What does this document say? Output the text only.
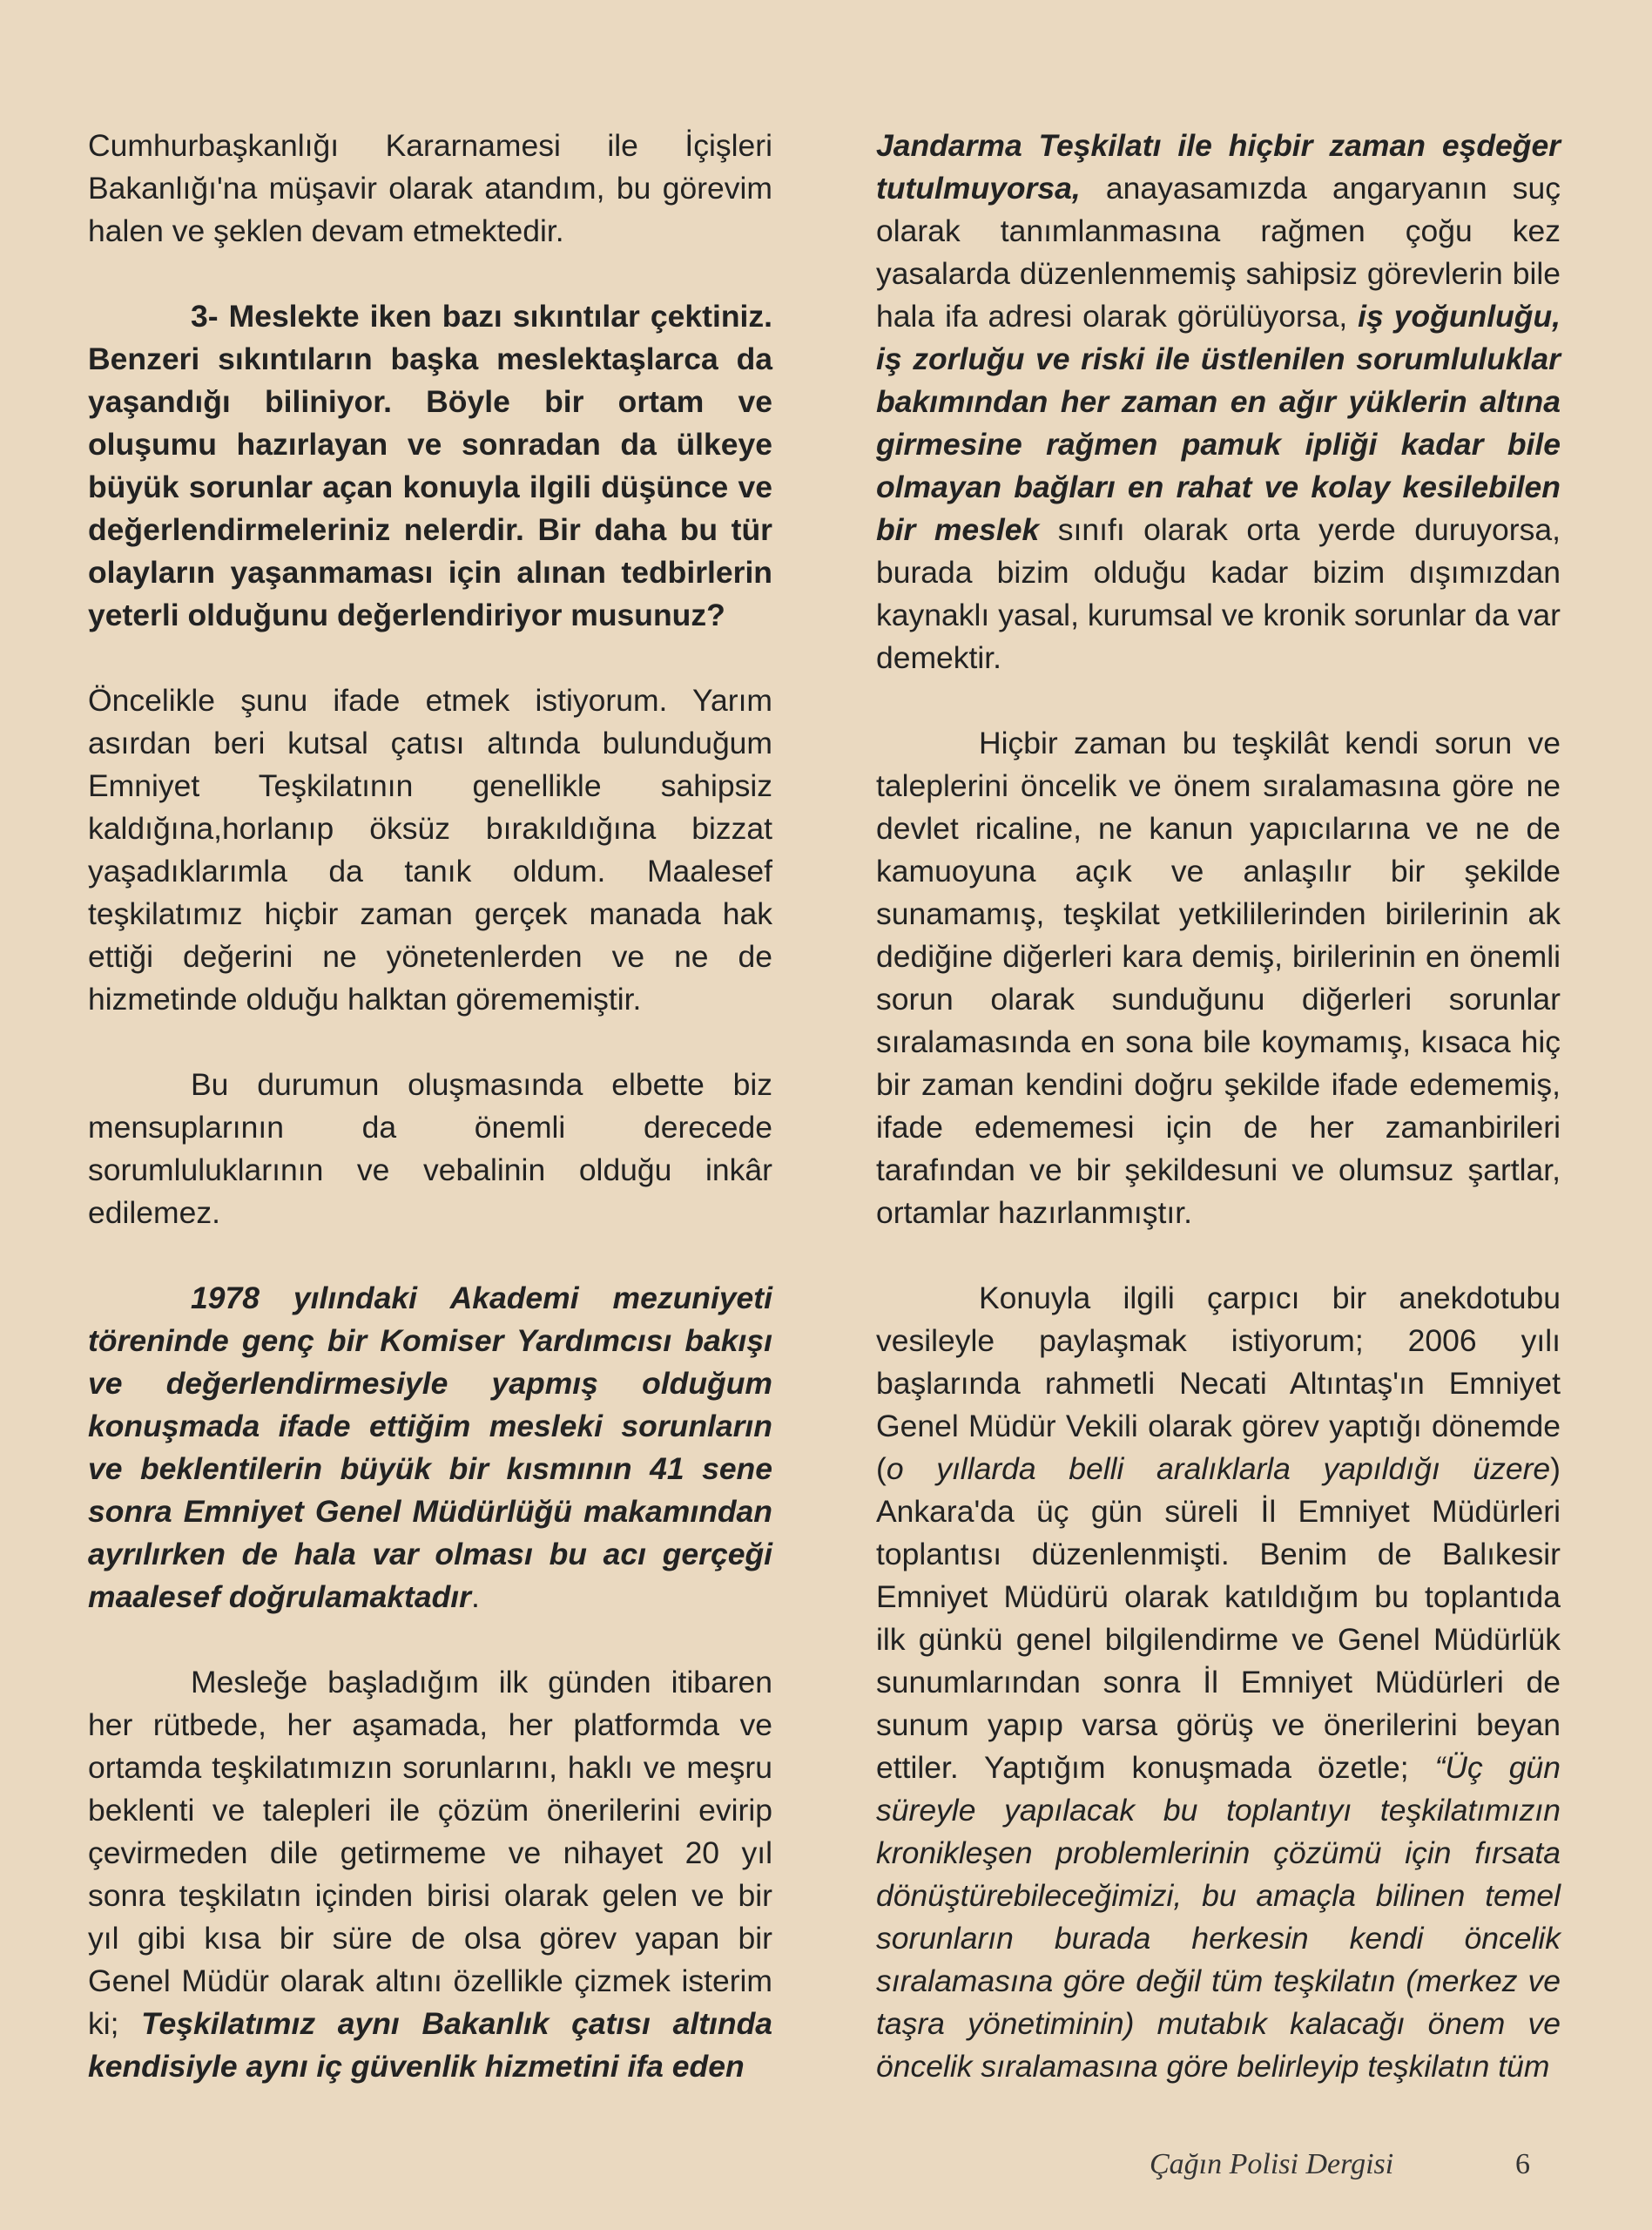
Cumhurbaşkanlığı Kararnamesi ile İçişleri Bakanlığı'na müşavir olarak atandım, bu görevim halen ve şeklen devam etmektedir.

3- Meslekte iken bazı sıkıntılar çektiniz. Benzeri sıkıntıların başka meslektaşlarca da yaşandığı biliniyor. Böyle bir ortam ve oluşumu hazırlayan ve sonradan da ülkeye büyük sorunlar açan konuyla ilgili düşünce ve değerlendirmeleriniz nelerdir. Bir daha bu tür olayların yaşanmaması için alınan tedbirlerin yeterli olduğunu değerlendiriyor musunuz?

Öncelikle şunu ifade etmek istiyorum. Yarım asırdan beri kutsal çatısı altında bulunduğum Emniyet Teşkilatının genellikle sahipsiz kaldığına,horlanıp öksüz bırakıldığına bizzat yaşadıklarımla da tanık oldum. Maalesef teşkilatımız hiçbir zaman gerçek manada hak ettiği değerini ne yönetenlerden ve ne de hizmetinde olduğu halktan görememiştir.

Bu durumun oluşmasında elbette biz mensuplarının da önemli derecede sorumluluklarının ve vebalinin olduğu inkâr edilemez.

1978 yılındaki Akademi mezuniyeti töreninde genç bir Komiser Yardımcısı bakışı ve değerlendirmesiyle yapmış olduğum konuşmada ifade ettiğim mesleki sorunların ve beklentilerin büyük bir kısmının 41 sene sonra Emniyet Genel Müdürlüğü makamından ayrılırken de hala var olması bu acı gerçeği maalesef doğrulamaktadır.

Mesleğe başladığım ilk günden itibaren her rütbede, her aşamada, her platformda ve ortamda teşkilatımızın sorunlarını, haklı ve meşru beklenti ve talepleri ile çözüm önerilerini evirip çevirmeden dile getirmeme ve nihayet 20 yıl sonra teşkilatın içinden birisi olarak gelen ve bir yıl gibi kısa bir süre de olsa görev yapan bir Genel Müdür olarak altını özellikle çizmek isterim ki; Teşkilatımız aynı Bakanlık çatısı altında kendisiyle aynı iç güvenlik hizmetini ifa eden

Jandarma Teşkilatı ile hiçbir zaman eşdeğer tutulmuyorsa, anayasamızda angaryanın suç olarak tanımlanmasına rağmen çoğu kez yasalarda düzenlenmemiş sahipsiz görevlerin bile hala ifa adresi olarak görülüyorsa, iş yoğunluğu, iş zorluğu ve riski ile üstlenilen sorumluluklar bakımından her zaman en ağır yüklerin altına girmesine rağmen pamuk ipliği kadar bile olmayan bağları en rahat ve kolay kesilebilen bir meslek sınıfı olarak orta yerde duruyorsa, burada bizim olduğu kadar bizim dışımızdan kaynaklı yasal, kurumsal ve kronik sorunlar da var demektir.

Hiçbir zaman bu teşkilât kendi sorun ve taleplerini öncelik ve önem sıralamasına göre ne devlet ricaline, ne kanun yapıcılarına ve ne de kamuoyuna açık ve anlaşılır bir şekilde sunamamış, teşkilat yetkililerinden birilerinin ak dediğine diğerleri kara demiş, birilerinin en önemli sorun olarak sunduğunu diğerleri sorunlar sıralamasında en sona bile koymamış, kısaca hiç bir zaman kendini doğru şekilde ifade edememiş, ifade edememesi için de her zamanbirileri tarafından ve bir şekildesuni ve olumsuz şartlar, ortamlar hazırlanmıştır.

Konuyla ilgili çarpıcı bir anekdotubu vesileyle paylaşmak istiyorum; 2006 yılı başlarında rahmetli Necati Altıntaş'ın Emniyet Genel Müdür Vekili olarak görev yaptığı dönemde (o yıllarda belli aralıklarla yapıldığı üzere) Ankara'da üç gün süreli İl Emniyet Müdürleri toplantısı düzenlenmişti. Benim de Balıkesir Emniyet Müdürü olarak katıldığım bu toplantıda ilk günkü genel bilgilendirme ve Genel Müdürlük sunumlarından sonra İl Emniyet Müdürleri de sunum yapıp varsa görüş ve önerilerini beyan ettiler. Yaptığım konuşmada özetle; “Üç gün süreyle yapılacak bu toplantıyı teşkilatımızın kronikleşen problemlerinin çözümü için fırsata dönüştürebileceğimizi, bu amaçla bilinen temel sorunların burada herkesin kendi öncelik sıralamasına göre değil tüm teşkilatın (merkez ve taşra yönetiminin) mutabık kalacağı önem ve öncelik sıralamasına göre belirleyip teşkilatın tüm

Çağın Polisi Dergisi	6
